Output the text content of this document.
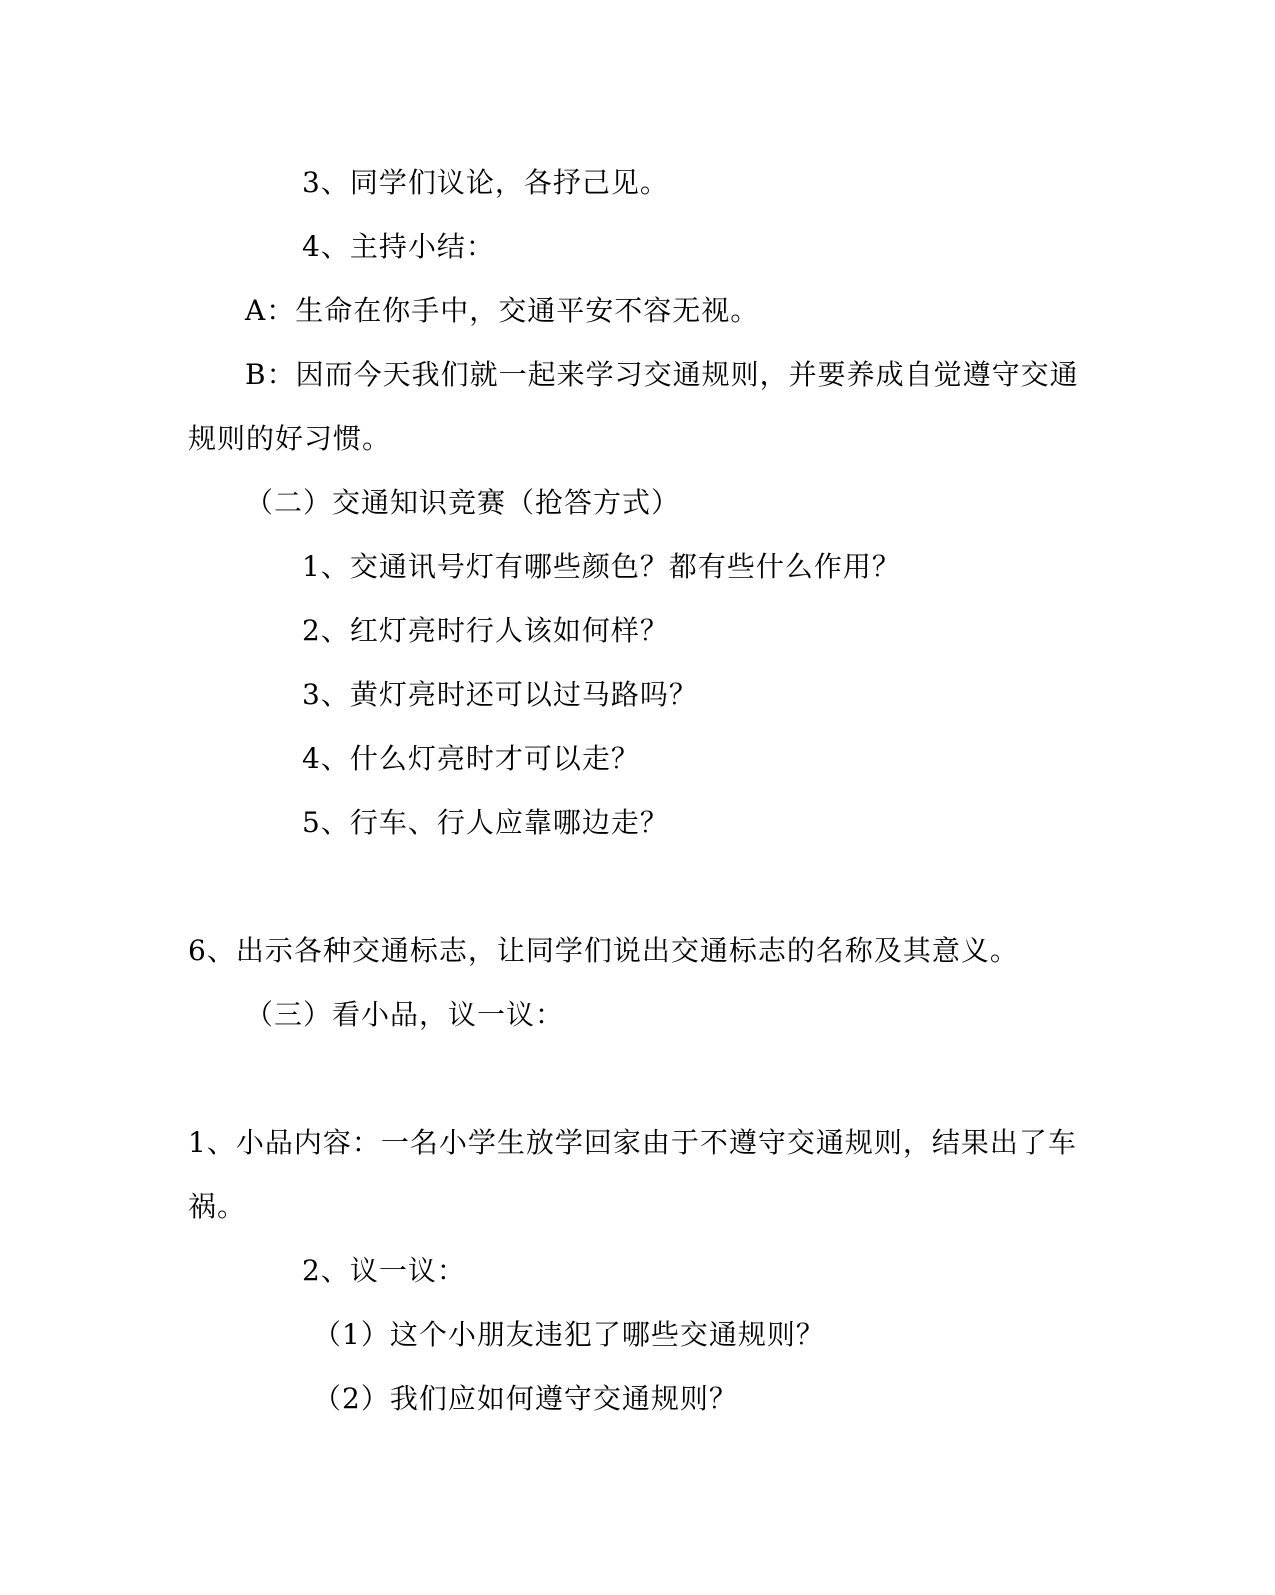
3、同学们议论，各抒己见。
4、主持小结：
A：生命在你手中，交通平安不容无视。
B：因而今天我们就一起来学习交通规则，并要养成自觉遵守交通
规则的好习惯。
（二）交通知识竞赛（抢答方式）
1、交通讯号灯有哪些颜色？都有些什么作用？
2、红灯亮时行人该如何样？
3、黄灯亮时还可以过马路吗？
4、什么灯亮时才可以走？
5、行车、行人应靠哪边走？
6、出示各种交通标志，让同学们说出交通标志的名称及其意义。
（三）看小品，议一议：
1、小品内容：一名小学生放学回家由于不遵守交通规则，结果出了车
祸。
2、议一议：
（1）这个小朋友违犯了哪些交通规则？
（2）我们应如何遵守交通规则？
